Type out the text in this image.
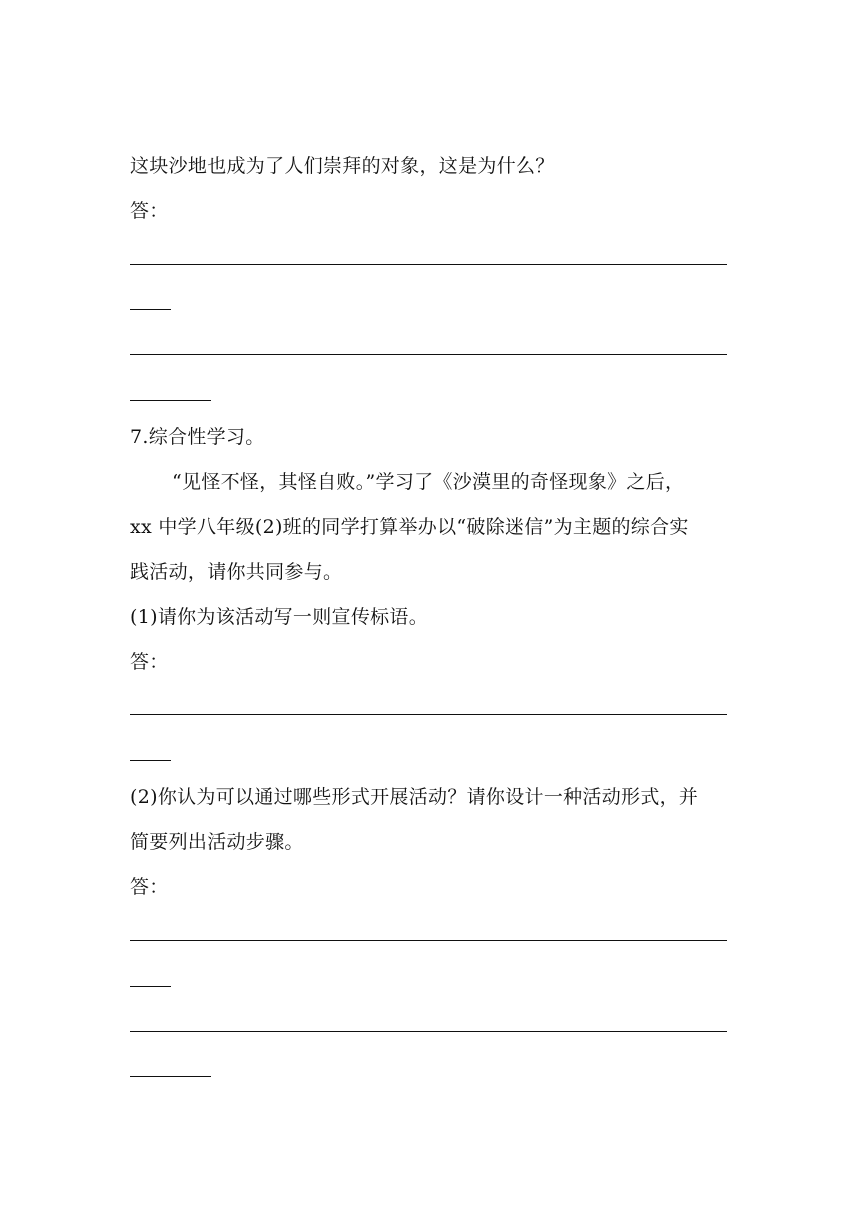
这块沙地也成为了人们崇拜的对象，这是为什么？
答：
7.综合性学习。
“见怪不怪，其怪自败。”学习了《沙漠里的奇怪现象》之后，
xx 中学八年级(2)班的同学打算举办以“破除迷信”为主题的综合实
践活动，请你共同参与。
(1)请你为该活动写一则宣传标语。
答：
(2)你认为可以通过哪些形式开展活动？请你设计一种活动形式，并
简要列出活动步骤。
答：
